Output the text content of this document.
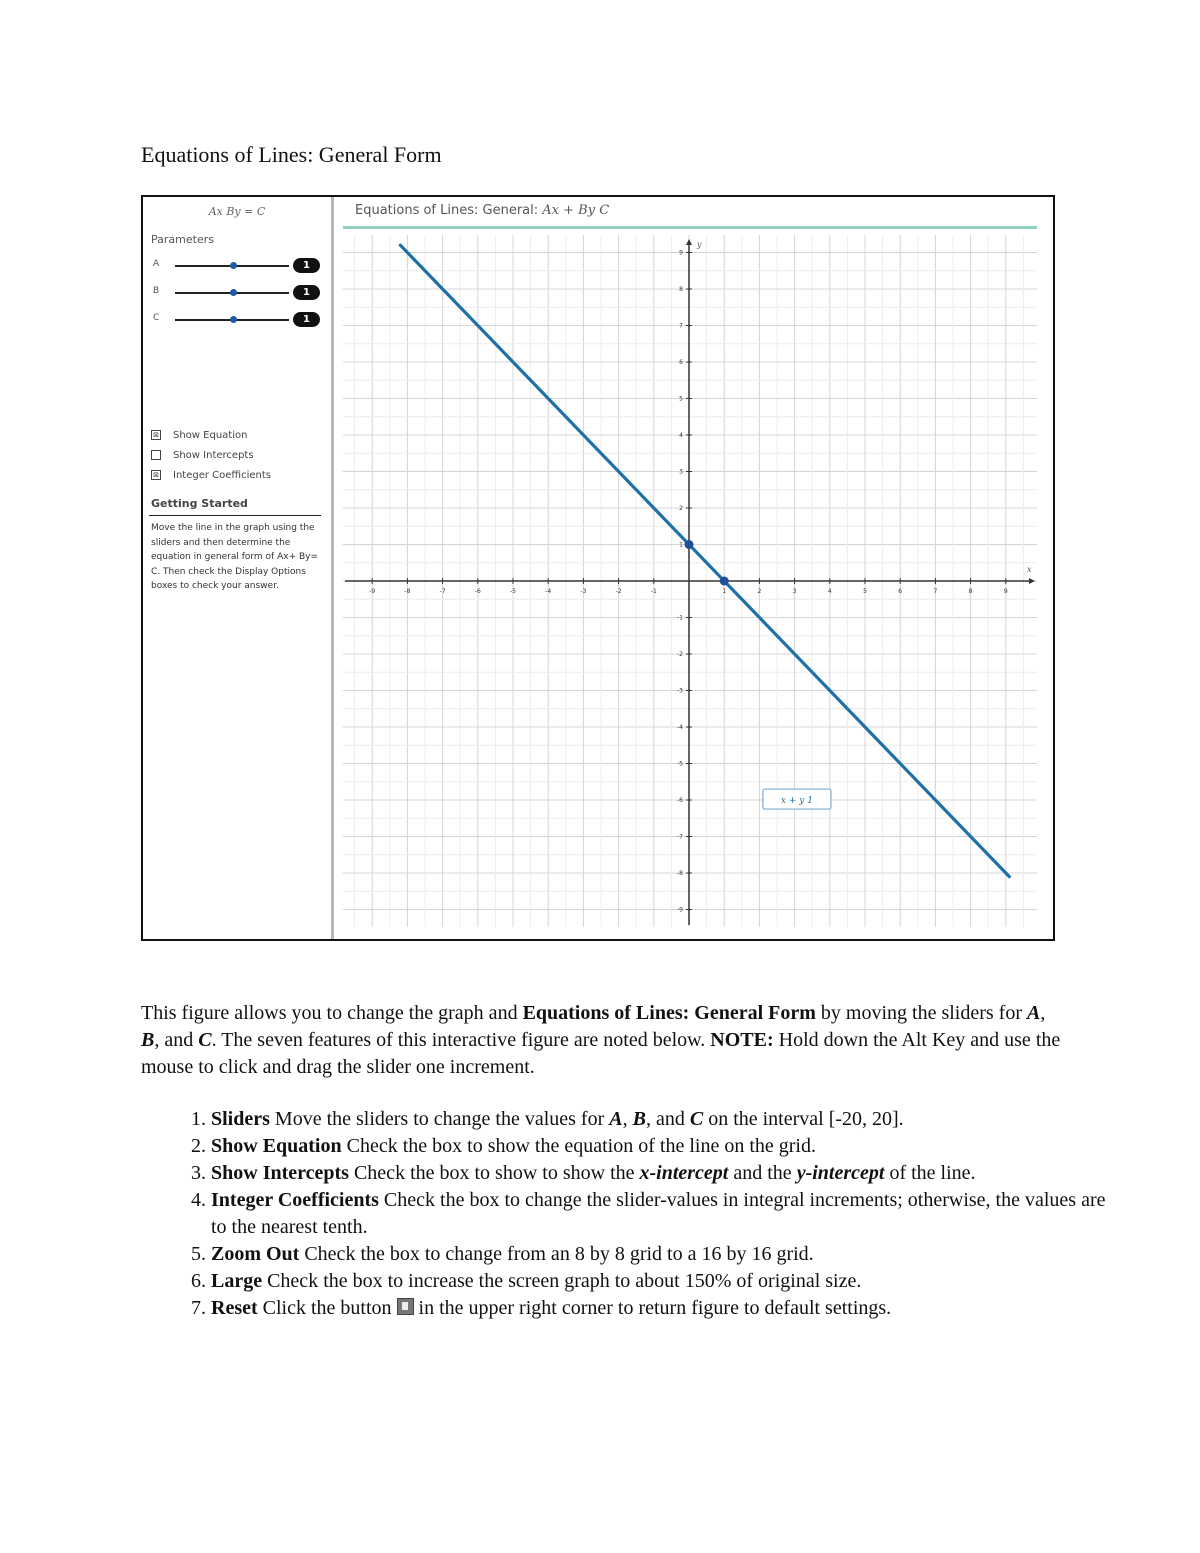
Equations of Lines: General Form
Ax By = C
Parameters
A	1
B	1
C	1
⊠ Show Equation
Show Intercepts
⊠ Integer Coefficients
Getting Started
Move the line in the graph using the sliders and then determine the equation in general form of Ax+ By= C. Then check the Display Options boxes to check your answer.
Equations of Lines: General: Ax + By C
x
y
-9	-8	-7	-6	-5	-4	-3	-2	-1	1	2	3	4	5	6	7	8	9
9
8
7
6
5
4
3
2
1
-1
-2
-3
-4
-5
-6
-7
-8
-9
x + y 1

This figure allows you to change the graph and Equations of Lines: General Form by moving the sliders for A, B, and C. The seven features of this interactive figure are noted below. NOTE: Hold down the Alt Key and use the mouse to click and drag the slider one increment.

1. Sliders Move the sliders to change the values for A, B, and C on the interval [-20, 20].
2. Show Equation Check the box to show the equation of the line on the grid.
3. Show Intercepts Check the box to show to show the x-intercept and the y-intercept of the line.
4. Integer Coefficients Check the box to change the slider-values in integral increments; otherwise, the values are to the nearest tenth.
5. Zoom Out Check the box to change from an 8 by 8 grid to a 16 by 16 grid.
6. Large Check the box to increase the screen graph to about 150% of original size.
7. Reset Click the button  in the upper right corner to return figure to default settings.
